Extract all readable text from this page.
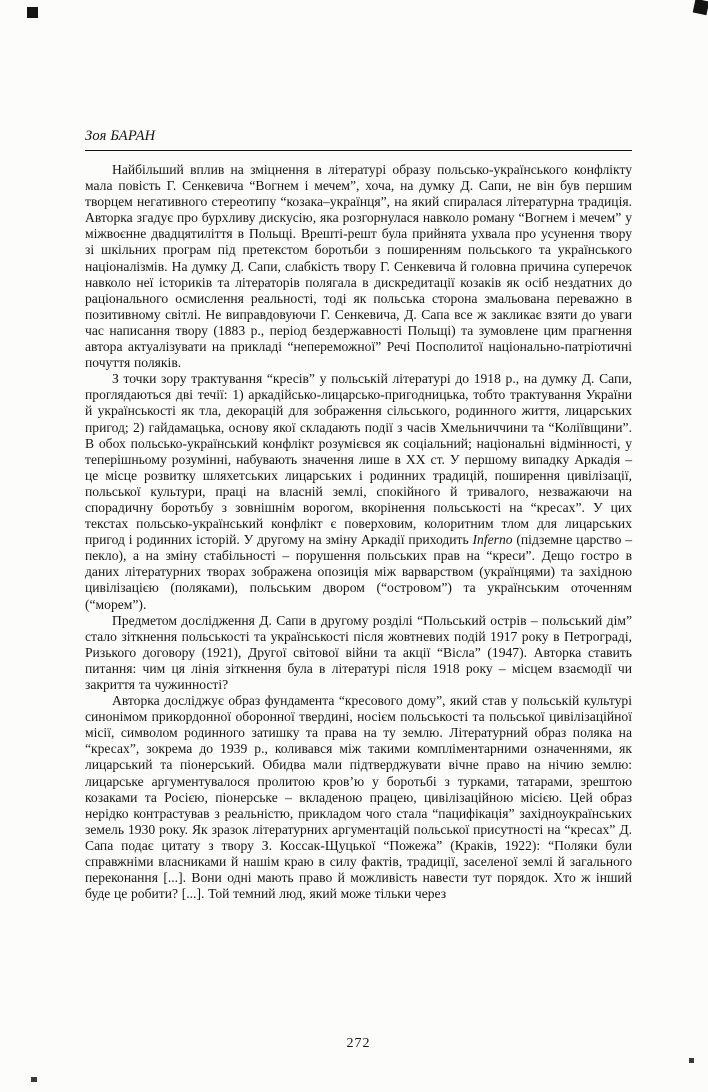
Зоя БАРАН

Найбільший вплив на зміцнення в літературі образу польсько-українського конфлікту мала повість Г. Сенкевича “Вогнем і мечем”, хоча, на думку Д. Сапи, не він був першим творцем негативного стереотипу “козака–українця”, на який спиралася літературна традиція. Авторка згадує про бурхливу дискусію, яка розгорнулася навколо роману “Вогнем і мечем” у міжвоєнне двадцятиліття в Польщі. Врешті-решт була прийнята ухвала про усунення твору зі шкільних програм під претекстом боротьби з поширенням польського та українського націоналізмів. На думку Д. Сапи, слабкість твору Г. Сенкевича й головна причина суперечок навколо неї істориків та літераторів полягала в дискредитації козаків як осіб нездатних до раціонального осмислення реальності, тоді як польська сторона змальована переважно в позитивному світлі. Не виправдовуючи Г. Сенкевича, Д. Сапа все ж закликає взяти до уваги час написання твору (1883 р., період бездержавності Польщі) та зумовлене цим прагнення автора актуалізувати на прикладі “непереможної” Речі Посполитої національно-патріотичні почуття поляків.

З точки зору трактування “кресів” у польській літературі до 1918 р., на думку Д. Сапи, проглядаються дві течії: 1) аркадійсько-лицарсько-пригодницька, тобто трактування України й українськості як тла, декорацій для зображення сільського, родинного життя, лицарських пригод; 2) гайдамацька, основу якої складають події з часів Хмельниччини та “Коліївщини”. В обох польсько-український конфлікт розумієвся як соціальний; національні відмінності, у теперішньому розумінні, набувають значення лише в XX ст. У першому випадку Аркадія – це місце розвитку шляхетських лицарських і родинних традицій, поширення цивілізації, польської культури, праці на власній землі, спокійного й тривалого, незважаючи на спорадичну боротьбу з зовнішнім ворогом, вкорінення польськості на “кресах”. У цих текстах польсько-український конфлікт є поверховим, колоритним тлом для лицарських пригод і родинних історій. У другому на зміну Аркадії приходить Inferno (підземне царство – пекло), а на зміну стабільності – порушення польських прав на “креси”. Дещо гостро в даних літературних творах зображена опозиція між варварством (українцями) та західною цивілізацією (поляками), польським двором (“островом”) та українським оточенням (“морем”).

Предметом дослідження Д. Сапи в другому розділі “Польський острів – польський дім” стало зіткнення польськості та українськості після жовтневих подій 1917 року в Петрограді, Ризького договору (1921), Другої світової війни та акції “Вісла” (1947). Авторка ставить питання: чим ця лінія зіткнення була в літературі після 1918 року – місцем взаємодії чи закриття та чужинності?

Авторка досліджує образ фундамента “кресового дому”, який став у польській культурі синонімом прикордонної оборонної твердині, носієм польськості та польської цивілізаційної місії, символом родинного затишку та права на ту землю. Літературний образ поляка на “кресах”, зокрема до 1939 р., коливався між такими компліментарними означеннями, як лицарський та піонерський. Обидва мали підтверджувати вічне право на нічию землю: лицарське аргументувалося пролитою кров’ю у боротьбі з турками, татарами, зрештою козаками та Росією, піонерське – вкладеною працею, цивілізаційною місією. Цей образ нерідко контрастував з реальністю, прикладом чого стала “пацифікація” західноукраїнських земель 1930 року. Як зразок літературних аргументацій польської присутності на “кресах” Д. Сапа подає цитату з твору З. Коссак-Щуцької “Пожежа” (Краків, 1922): “Поляки були справжніми власниками й нашім краю в силу фактів, традиції, заселеної землі й загального переконання [...]. Вони одні мають право й можливість навести тут порядок. Хто ж інший буде це робити? [...]. Той темний люд, який може тільки через

272
